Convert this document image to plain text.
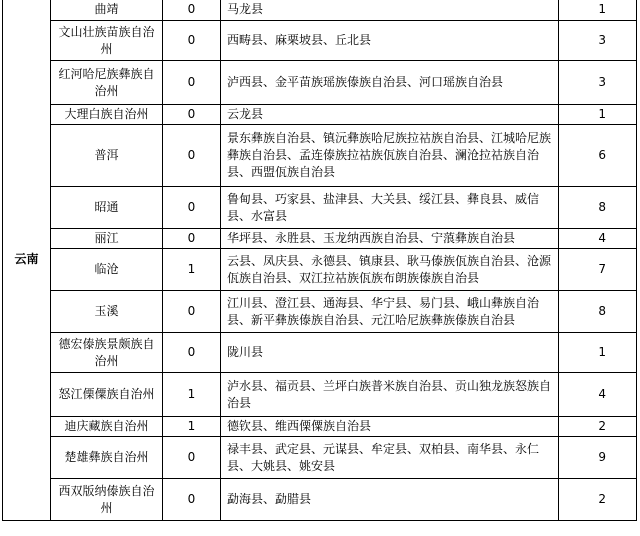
云南	曲靖	0	马龙县	1
	文山壮族苗族自治州	0	西畴县、麻栗坡县、丘北县	3
	红河哈尼族彝族自治州	0	泸西县、金平苗族瑶族傣族自治县、河口瑶族自治县	3
	大理白族自治州	0	云龙县	1
	普洱	0	景东彝族自治县、镇沅彝族哈尼族拉祜族自治县、江城哈尼族彝族自治县、孟连傣族拉祜族佤族自治县、澜沧拉祜族自治县、西盟佤族自治县	6
	昭通	0	鲁甸县、巧家县、盐津县、大关县、绥江县、彝良县、威信县、水富县	8
	丽江	0	华坪县、永胜县、玉龙纳西族自治县、宁蒗彝族自治县	4
	临沧	1	云县、凤庆县、永德县、镇康县、耿马傣族佤族自治县、沧源佤族自治县、双江拉祜族佤族布朗族傣族自治县	7
	玉溪	0	江川县、澄江县、通海县、华宁县、易门县、峨山彝族自治县、新平彝族傣族自治县、元江哈尼族彝族傣族自治县	8
	德宏傣族景颇族自治州	0	陇川县	1
	怒江傈僳族自治州	1	泸水县、福贡县、兰坪白族普米族自治县、贡山独龙族怒族自治县	4
	迪庆藏族自治州	1	德钦县、维西傈僳族自治县	2
	楚雄彝族自治州	0	禄丰县、武定县、元谋县、牟定县、双柏县、南华县、永仁县、大姚县、姚安县	9
	西双版纳傣族自治州	0	勐海县、勐腊县	2
